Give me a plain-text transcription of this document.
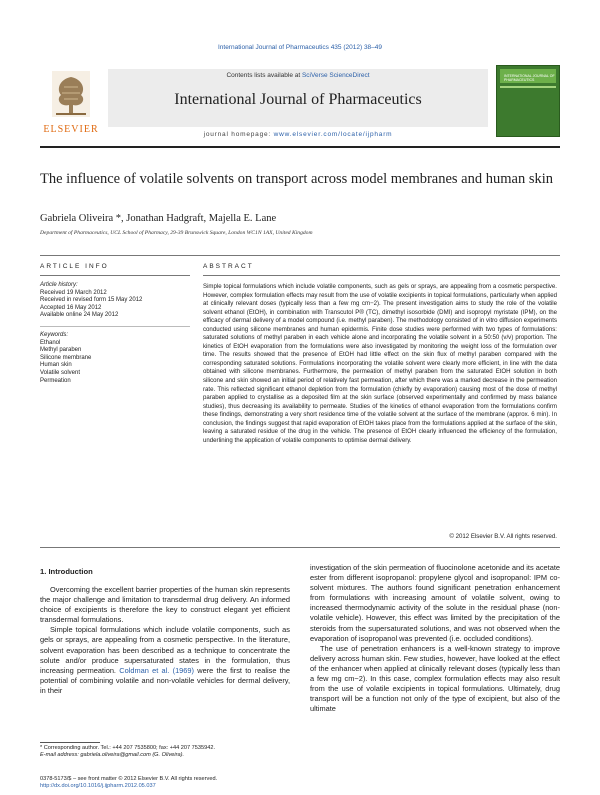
International Journal of Pharmaceutics 435 (2012) 38–49
ELSEVIER
Contents lists available at SciVerse ScienceDirect
International Journal of Pharmaceutics
journal homepage: www.elsevier.com/locate/ijpharm
INTERNATIONAL JOURNAL OF PHARMACEUTICS
The influence of volatile solvents on transport across model membranes and human skin
Gabriela Oliveira *, Jonathan Hadgraft, Majella E. Lane
Department of Pharmaceutics, UCL School of Pharmacy, 29-39 Brunswick Square, London WC1N 1AX, United Kingdom
ARTICLE INFO	ABSTRACT
Article history:
Received 19 March 2012
Received in revised form 15 May 2012
Accepted 16 May 2012
Available online 24 May 2012
Keywords:
Ethanol
Methyl paraben
Silicone membrane
Human skin
Volatile solvent
Permeation
Simple topical formulations which include volatile components, such as gels or sprays, are appealing from a cosmetic perspective. However, complex formulation effects may result from the use of volatile excipients in topical formulations, particularly when applied at clinically relevant doses (typically less than a few mg cm−2). The present investigation aims to study the role of the volatile solvent ethanol (EtOH), in combination with Transcutol P® (TC), dimethyl isosorbide (DMI) and isopropyl myristate (IPM), on the efficacy of dermal delivery of a model compound (i.e. methyl paraben). The methodology consisted of in vitro diffusion experiments conducted using silicone membranes and human epidermis. Finite dose studies were performed with two types of formulations: saturated solutions of methyl paraben in each vehicle alone and incorporating the volatile solvent in a 50:50 (v/v) proportion. The kinetics of EtOH evaporation from the formulations were also investigated by monitoring the weight loss of the formulation over time. The results showed that the presence of EtOH had little effect on the skin flux of methyl paraben compared with the corresponding saturated solutions. Formulations incorporating the volatile solvent were clearly more efficient, in line with the data obtained with silicone membranes. Furthermore, the permeation of methyl paraben from the saturated EtOH solution in both silicone and skin showed an initial period of relatively fast permeation, after which there was a marked decrease in the permeation rate. This reflected significant ethanol depletion from the formulation (chiefly by evaporation) causing most of the dose of methyl paraben applied to crystallise as a deposited film at the skin surface (observed experimentally and confirmed by mass balance studies), thus decreasing its availability to permeate. Studies of the kinetics of ethanol evaporation from the formulations confirm these findings, demonstrating a very short residence time of the volatile solvent at the surface of the membrane (approx. 6 min). In conclusion, the findings suggest that rapid evaporation of EtOH takes place from the formulations applied at the surface of the skin, leaving a saturated residue of the drug in the vehicle. The presence of EtOH clearly influenced the efficiency of the formulation, underlining the application of volatile components to optimise dermal delivery.
© 2012 Elsevier B.V. All rights reserved.
1. Introduction

Overcoming the excellent barrier properties of the human skin represents the major challenge and limitation to transdermal drug delivery. An informed choice of excipients is therefore the key to construct elegant yet efficient transdermal formulations.

Simple topical formulations which include volatile components, such as gels or sprays, are appealing from a cosmetic perspective. In the literature, solvent evaporation has been described as a technique to concentrate the solute and/or produce supersaturated states in the formulation, thus increasing permeation. Coldman et al. (1969) were the first to realise the potential of combining volatile and non-volatile vehicles for dermal delivery, in their

investigation of the skin permeation of fluocinolone acetonide and its acetate ester from different isopropanol: propylene glycol and isopropanol: IPM co-solvent mixtures. The authors found significant penetration enhancement from formulations with increasing amount of volatile solvent, owing to increased thermodynamic activity of the solute in the residual phase (non-volatile vehicle). However, this effect was limited by the precipitation of the steroids from the supersaturated solutions, and was not observed when the evaporation of isopropanol was prevented (i.e. occluded conditions).

The use of penetration enhancers is a well-known strategy to improve delivery across human skin. Few studies, however, have looked at the effect of the enhancer when applied at clinically relevant doses (typically less than a few mg cm−2). In this case, complex formulation effects may also result from the use of volatile excipients in topical formulations. Ultimately, drug transport will be a function not only of the type of excipient, but also of the ultimate

* Corresponding author. Tel.: +44 207 7535800; fax: +44 207 7535942.
E-mail address: gabriela.oliveira@gmail.com (G. Oliveira).
0378-5173/$ – see front matter © 2012 Elsevier B.V. All rights reserved.
http://dx.doi.org/10.1016/j.ijpharm.2012.05.037
